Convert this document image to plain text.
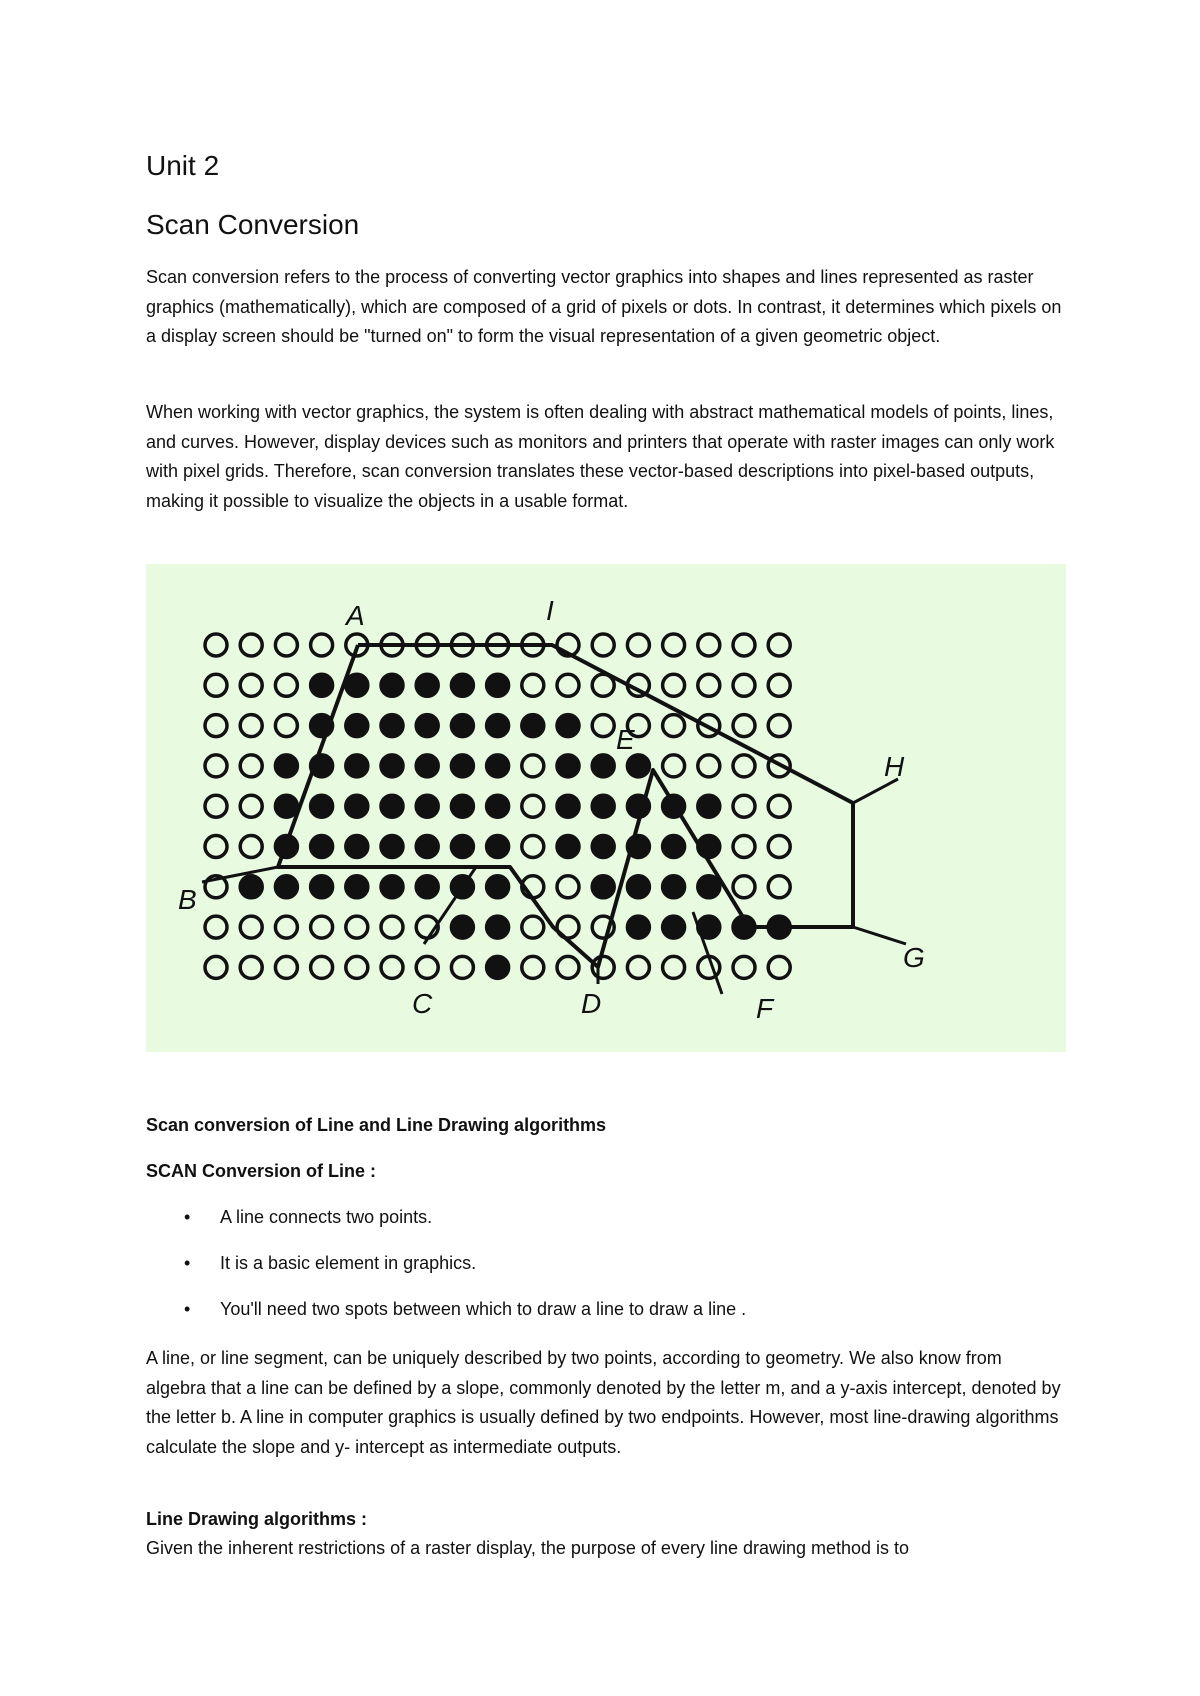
Unit 2
Scan Conversion

Scan conversion refers to the process of converting vector graphics into shapes and lines represented as raster graphics (mathematically), which are composed of a grid of pixels or dots. In contrast, it determines which pixels on a display screen should be "turned on" to form the visual representation of a given geometric object.

When working with vector graphics, the system is often dealing with abstract mathematical models of points, lines, and curves. However, display devices such as monitors and printers that operate with raster images can only work with pixel grids. Therefore, scan conversion translates these vector-based descriptions into pixel-based outputs, making it possible to visualize the objects in a usable format.

A	I
E
H
B
G
C	D	F
Scan conversion of Line and Line Drawing algorithms
SCAN Conversion of Line :
• A line connects two points.
• It is a basic element in graphics.
• You'll need two spots between which to draw a line to draw a line .

A line, or line segment, can be uniquely described by two points, according to geometry. We also know from algebra that a line can be defined by a slope, commonly denoted by the letter m, and a y-axis intercept, denoted by the letter b. A line in computer graphics is usually defined by two endpoints. However, most line-drawing algorithms calculate the slope and y- intercept as intermediate outputs.

Line Drawing algorithms :

Given the inherent restrictions of a raster display, the purpose of every line drawing method is to
